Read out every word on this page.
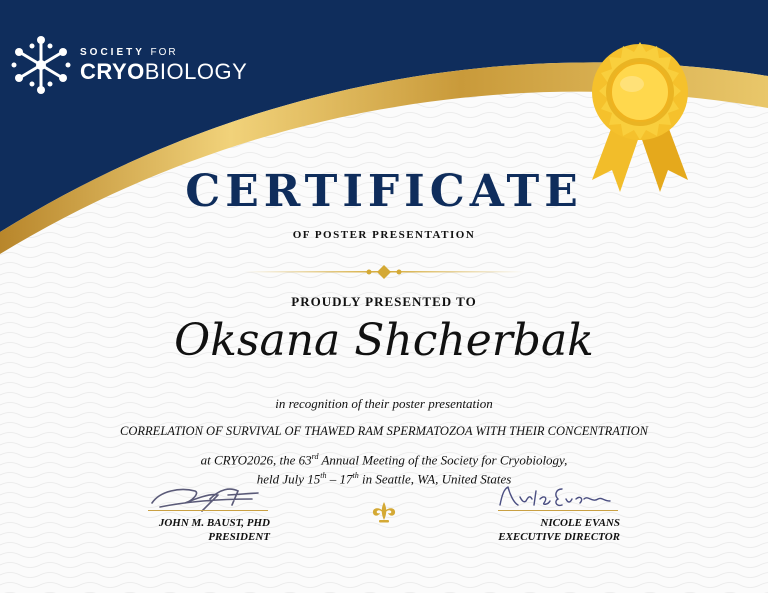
SOCIETY FOR
CRYOBIOLOGY
CERTIFICATE
OF POSTER PRESENTATION
PROUDLY PRESENTED TO
Oksana Shcherbak
in recognition of their poster presentation
CORRELATION OF SURVIVAL OF THAWED RAM SPERMATOZOA WITH THEIR CONCENTRATION
at CRYO2026, the 63rd Annual Meeting of the Society for Cryobiology,
held July 15th – 17th in Seattle, WA, United States
JOHN M. BAUST, PHD
PRESIDENT
NICOLE EVANS
EXECUTIVE DIRECTOR
